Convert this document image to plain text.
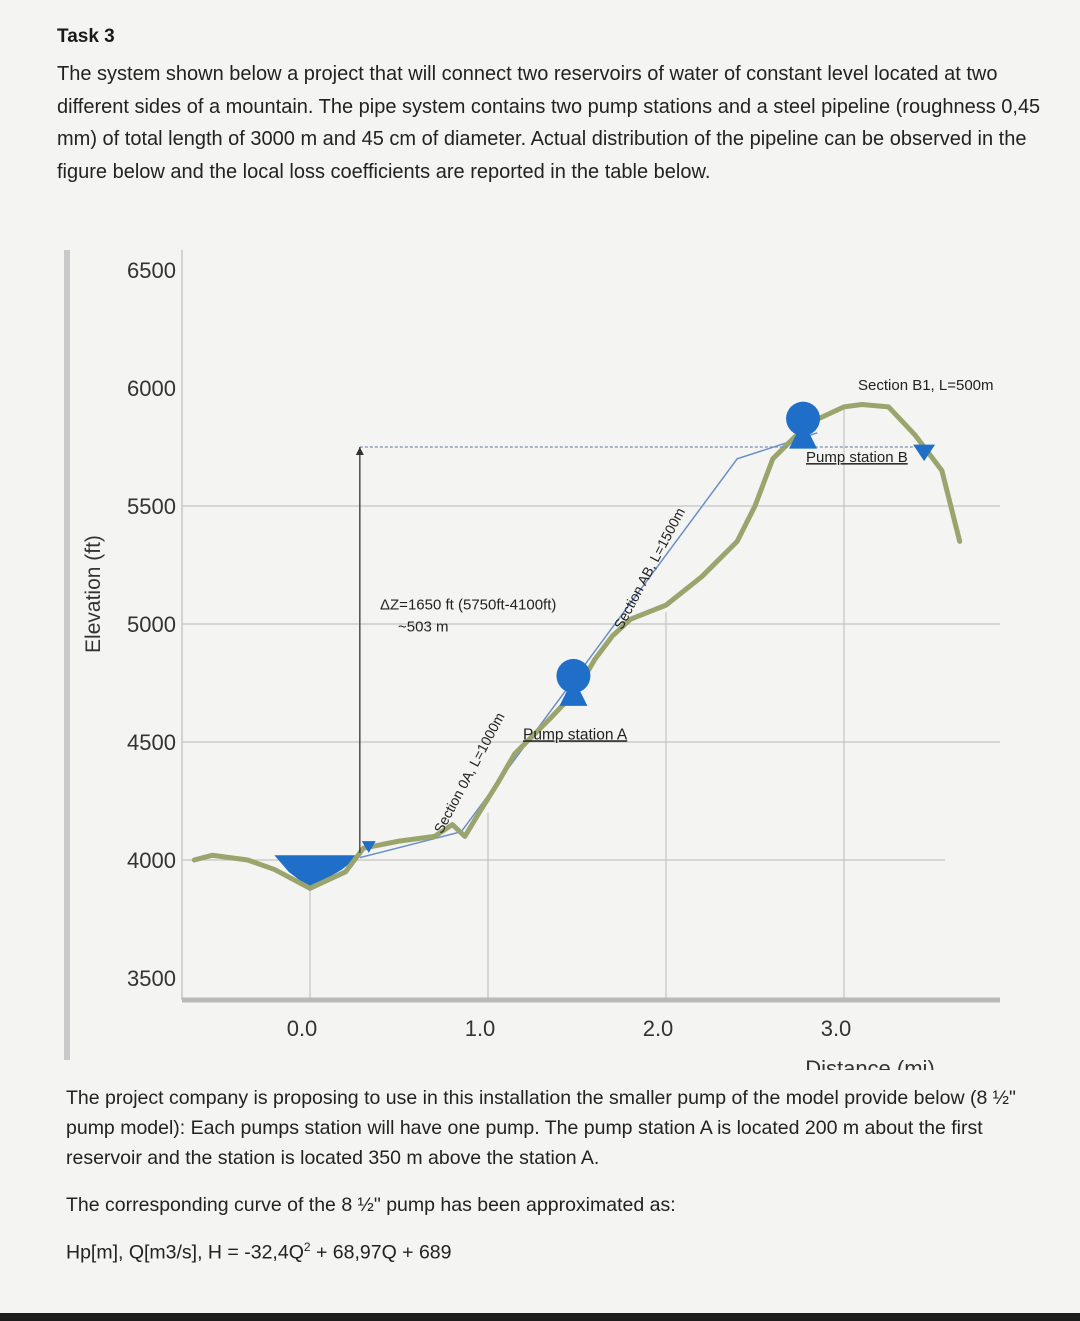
Task 3

The system shown below a project that will connect two reservoirs of water of constant level located at two different sides of a mountain. The pipe system contains two pump stations and a steel pipeline (roughness 0,45 mm) of total length of 3000 m and 45 cm of diameter. Actual distribution of the pipeline can be observed in the figure below and the local loss coefficients are reported in the table below.

6500
6000
5500
5000
4500
4000
3500
0.0	1.0	2.0	3.0
Elevation (ft)
Distance (mi)
ΔZ=1650 ft (5750ft-4100ft)
~503 m
Pump station A
Pump station B
Section B1, L=500m
Section 0A, L=1000m
Section AB, L=1500m

The project company is proposing to use in this installation the smaller pump of the model provide below (8 ½" pump model): Each pumps station will have one pump. The pump station A is located 200 m about the first reservoir and the station is located 350 m above the station A.

The corresponding curve of the 8 ½" pump has been approximated as:

Hp[m], Q[m3/s], $H = -32,4Q^2 + 68,97Q + 689$
